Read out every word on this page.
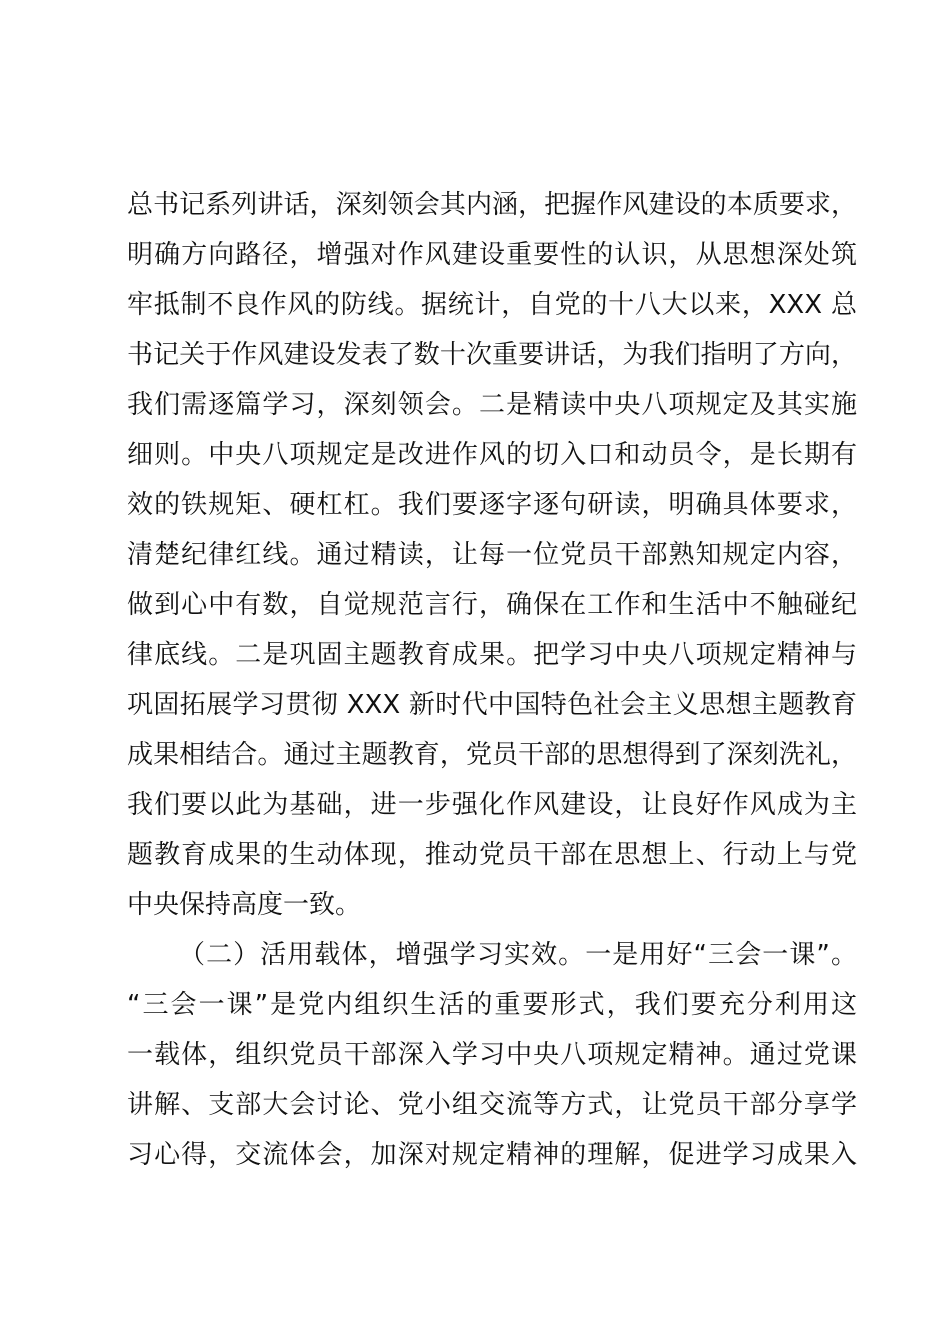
总书记系列讲话，深刻领会其内涵，把握作风建设的本质要求，
明确方向路径，增强对作风建设重要性的认识，从思想深处筑
牢抵制不良作风的防线。据统计，自党的十八大以来，XXX 总
书记关于作风建设发表了数十次重要讲话，为我们指明了方向，
我们需逐篇学习，深刻领会。二是精读中央八项规定及其实施
细则。中央八项规定是改进作风的切入口和动员令，是长期有
效的铁规矩、硬杠杠。我们要逐字逐句研读，明确具体要求，
清楚纪律红线。通过精读，让每一位党员干部熟知规定内容，
做到心中有数，自觉规范言行，确保在工作和生活中不触碰纪
律底线。二是巩固主题教育成果。把学习中央八项规定精神与
巩固拓展学习贯彻 XXX 新时代中国特色社会主义思想主题教育
成果相结合。通过主题教育，党员干部的思想得到了深刻洗礼，
我们要以此为基础，进一步强化作风建设，让良好作风成为主
题教育成果的生动体现，推动党员干部在思想上、行动上与党
中央保持高度一致。
（二）活用载体，增强学习实效。一是用好“三会一课”。
“三会一课”是党内组织生活的重要形式，我们要充分利用这
一载体，组织党员干部深入学习中央八项规定精神。通过党课
讲解、支部大会讨论、党小组交流等方式，让党员干部分享学
习心得，交流体会，加深对规定精神的理解，促进学习成果入
